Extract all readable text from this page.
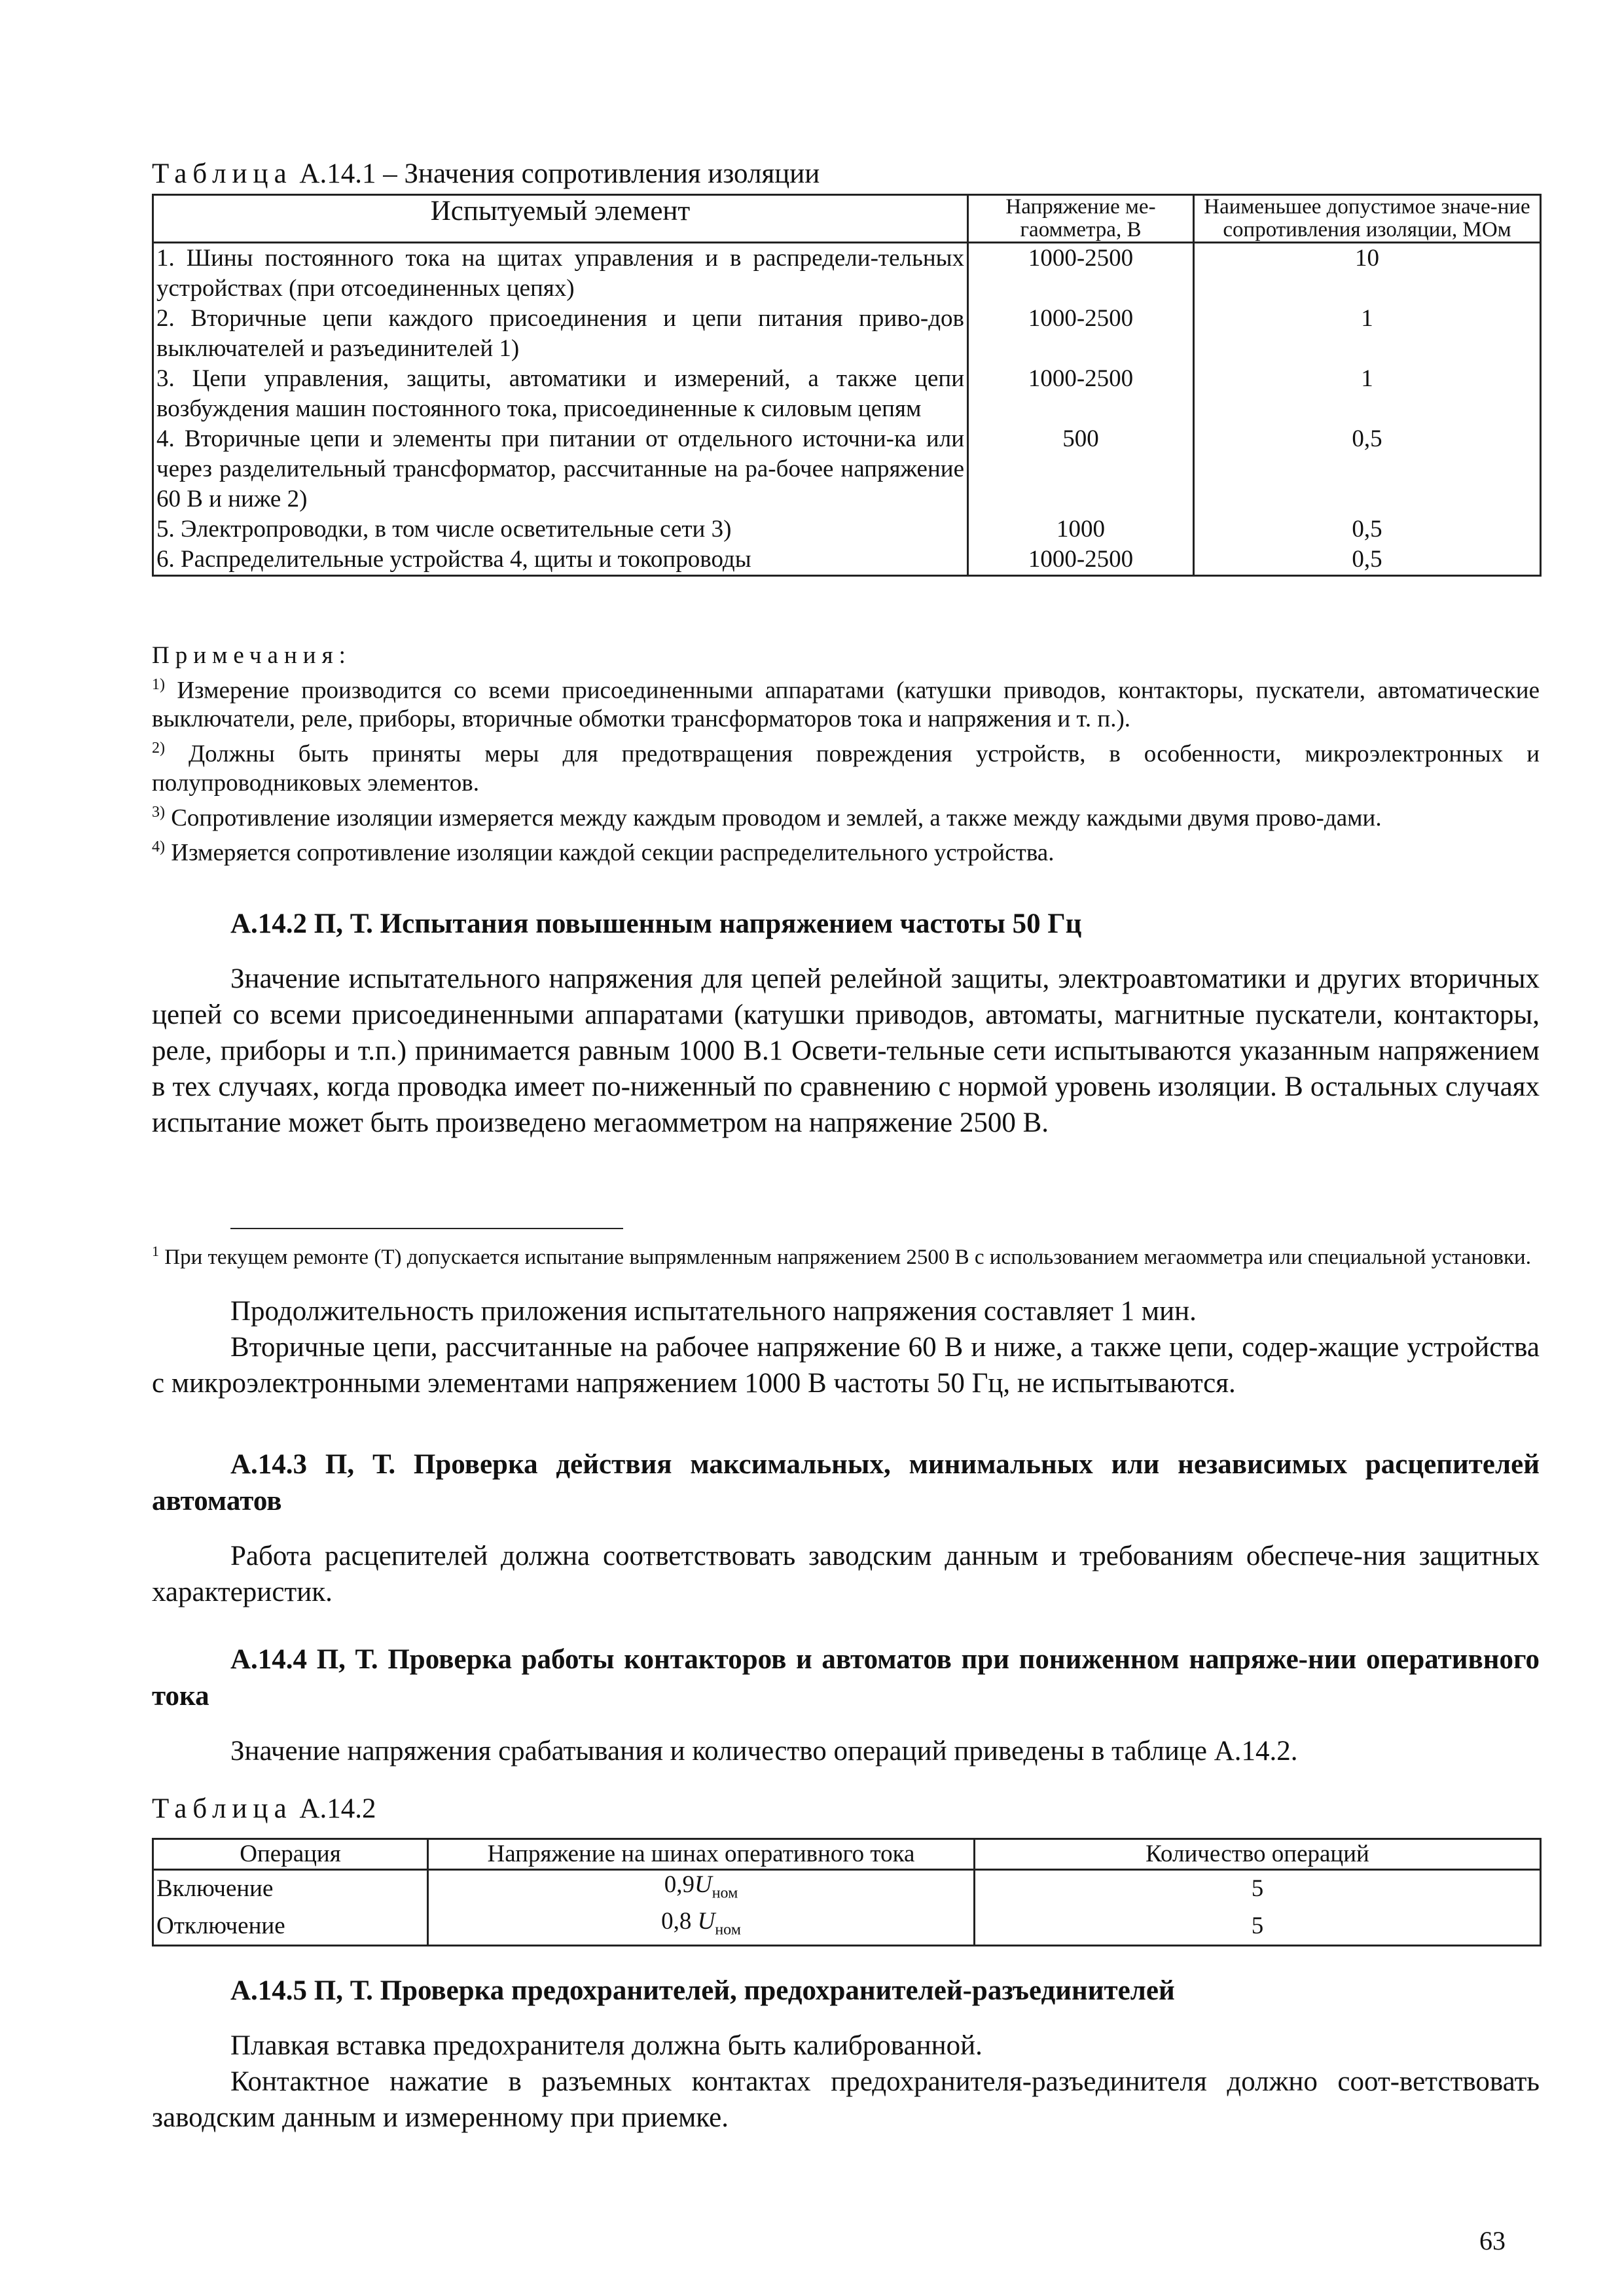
Таблица А.14.1 – Значения сопротивления изоляции
Испытуемый элемент	Напряжение ме-гаомметра, В	Наименьшее допустимое значе-ние сопротивления изоляции, МОм
1. Шины постоянного тока на щитах управления и в распредели-тельных устройствах (при отсоединенных цепях)	1000-2500	10
2. Вторичные цепи каждого присоединения и цепи питания приво-дов выключателей и разъединителей 1)	1000-2500	1
3. Цепи управления, защиты, автоматики и измерений, а также цепи возбуждения машин постоянного тока, присоединенные к силовым цепям	1000-2500	1
4. Вторичные цепи и элементы при питании от отдельного источни-ка или через разделительный трансформатор, рассчитанные на ра-бочее напряжение 60 В и ниже 2)	500	0,5
5. Электропроводки, в том числе осветительные сети 3)	1000	0,5
6. Распределительные устройства 4, щиты и токопроводы	1000-2500	0,5

Примечания:

$^{1)}$ Измерение производится со всеми присоединенными аппаратами (катушки приводов, контакторы, пускатели, автоматические выключатели, реле, приборы, вторичные обмотки трансформаторов тока и напряжения и т. п.).

$^{2)}$ Должны быть приняты меры для предотвращения повреждения устройств, в особенности, микроэлектронных и полупроводниковых элементов.

$^{3)}$ Сопротивление изоляции измеряется между каждым проводом и землей, а также между каждыми двумя прово-дами.

$^{4)}$ Измеряется сопротивление изоляции каждой секции распределительного устройства.

А.14.2 П, Т. Испытания повышенным напряжением частоты 50 Гц

Значение испытательного напряжения для цепей релейной защиты, электроавтоматики и других вторичных цепей со всеми присоединенными аппаратами (катушки приводов, автоматы, магнитные пускатели, контакторы, реле, приборы и т.п.) принимается равным 1000 В.1 Освети-тельные сети испытываются указанным напряжением в тех случаях, когда проводка имеет по-ниженный по сравнению с нормой уровень изоляции. В остальных случаях испытание может быть произведено мегаомметром на напряжение 2500 В.

$^1$ При текущем ремонте (Т) допускается испытание выпрямленным напряжением 2500 В с использованием мегаомметра или специальной установки.

Продолжительность приложения испытательного напряжения составляет 1 мин.

Вторичные цепи, рассчитанные на рабочее напряжение 60 В и ниже, а также цепи, содер-жащие устройства с микроэлектронными элементами напряжением 1000 В частоты 50 Гц, не испытываются.

А.14.3 П, Т. Проверка действия максимальных, минимальных или независимых расцепителей автоматов

Работа расцепителей должна соответствовать заводским данным и требованиям обеспече-ния защитных характеристик.

А.14.4 П, Т. Проверка работы контакторов и автоматов при пониженном напряже-нии оперативного тока

Значение напряжения срабатывания и количество операций приведены в таблице А.14.2.

Таблица А.14.2
Операция	Напряжение на шинах оперативного тока	Количество операций
Включение	$0,9U_{ном}$	5
Отключение	0,8 $U_{ном}$	5
А.14.5 П, Т. Проверка предохранителей, предохранителей-разъединителей

Плавкая вставка предохранителя должна быть калиброванной.

Контактное нажатие в разъемных контактах предохранителя-разъединителя должно соот-ветствовать заводским данным и измеренному при приемке.

63
